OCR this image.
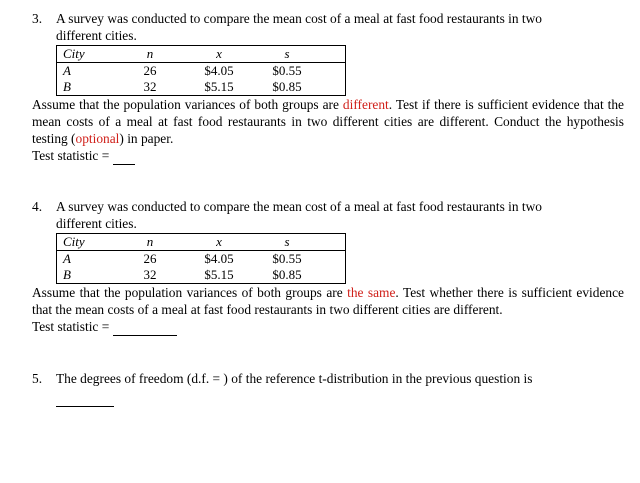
3.	A survey was conducted to compare the mean cost of a meal at fast food restaurants in two
different cities.
City	n	$\overline{x}$	s	
A	26	$4.05	$0.55	
B	32	$5.15	$0.85	
Assume that the population variances of both groups are different. Test if there is sufficient evidence that the mean costs of a meal at fast food restaurants in two different cities are different. Conduct the hypothesis testing (optional) in paper.
Test statistic =
4.	A survey was conducted to compare the mean cost of a meal at fast food restaurants in two
different cities.
City	n	$\overline{x}$	s	
A	26	$4.05	$0.55	
B	32	$5.15	$0.85	
Assume that the population variances of both groups are the same. Test whether there is sufficient evidence that the mean costs of a meal at fast food restaurants in two different cities are different.
Test statistic =
5.	The degrees of freedom (d.f. = ) of the reference t-distribution in the previous question is
